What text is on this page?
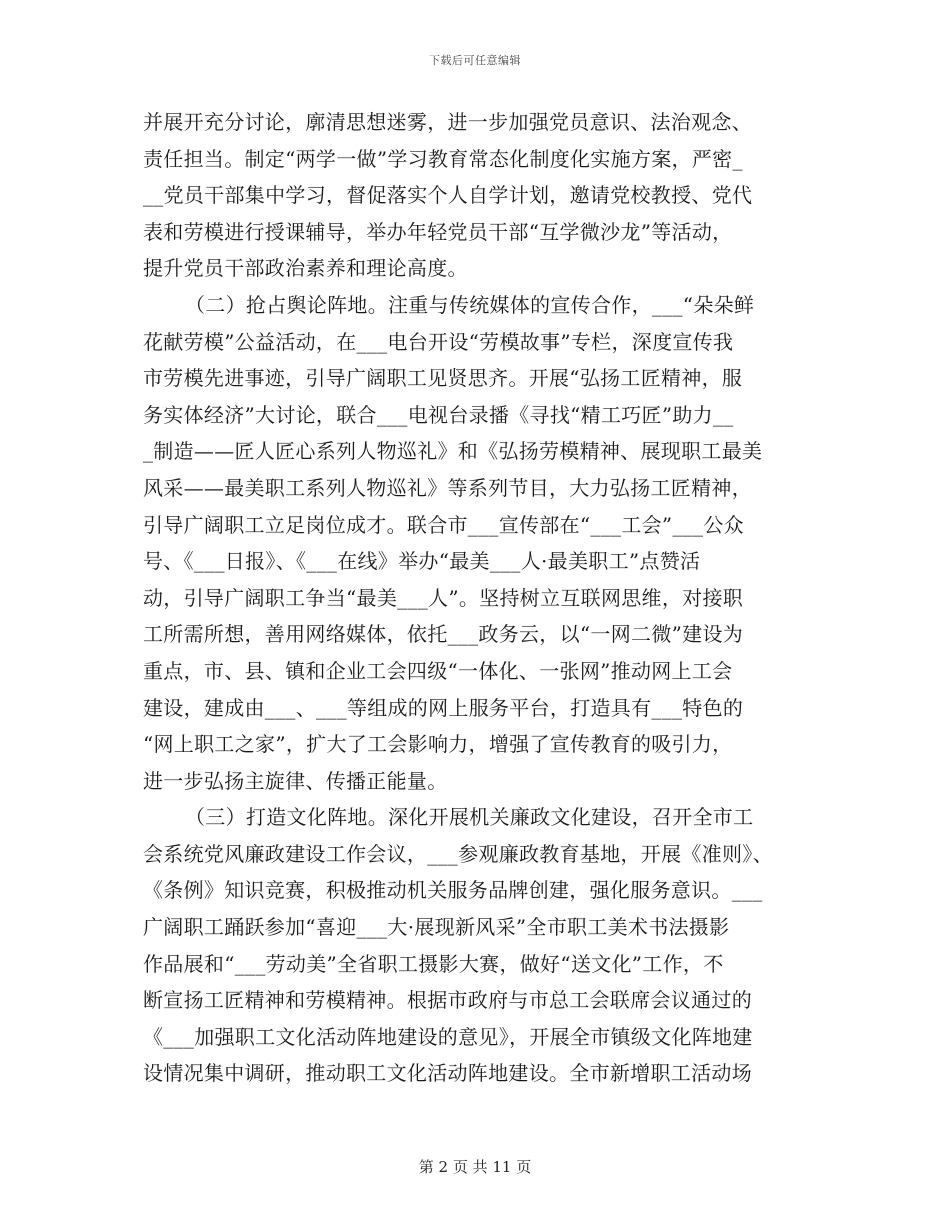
下载后可任意编辑
并展开充分讨论，廓清思想迷雾，进一步加强党员意识、法治观念、
责任担当。制定“两学一做”学习教育常态化制度化实施方案，严密_
__党员干部集中学习，督促落实个人自学计划，邀请党校教授、党代
表和劳模进行授课辅导，举办年轻党员干部“互学微沙龙”等活动，
提升党员干部政治素养和理论高度。
（二）抢占舆论阵地。注重与传统媒体的宣传合作，___“朵朵鲜
花献劳模”公益活动，在___电台开设“劳模故事”专栏，深度宣传我
市劳模先进事迹，引导广阔职工见贤思齐。开展“弘扬工匠精神，服
务实体经济”大讨论，联合___电视台录播《寻找“精工巧匠”助力__
_制造——匠人匠心系列人物巡礼》和《弘扬劳模精神、展现职工最美
风采——最美职工系列人物巡礼》等系列节目，大力弘扬工匠精神，
引导广阔职工立足岗位成才。联合市___宣传部在“___工会”___公众
号、《___日报》、《___在线》举办“最美___人·最美职工”点赞活
动，引导广阔职工争当“最美___人”。坚持树立互联网思维，对接职
工所需所想，善用网络媒体，依托___政务云，以“一网二微”建设为
重点，市、县、镇和企业工会四级“一体化、一张网”推动网上工会
建设，建成由___、___等组成的网上服务平台，打造具有___特色的
“网上职工之家”，扩大了工会影响力，增强了宣传教育的吸引力，
进一步弘扬主旋律、传播正能量。
（三）打造文化阵地。深化开展机关廉政文化建设，召开全市工
会系统党风廉政建设工作会议，___参观廉政教育基地，开展《准则》、
《条例》知识竞赛，积极推动机关服务品牌创建，强化服务意识。___
广阔职工踊跃参加“喜迎___大·展现新风采”全市职工美术书法摄影
作品展和“___劳动美”全省职工摄影大赛，做好“送文化”工作，不
断宣扬工匠精神和劳模精神。根据市政府与市总工会联席会议通过的
《___加强职工文化活动阵地建设的意见》，开展全市镇级文化阵地建
设情况集中调研，推动职工文化活动阵地建设。全市新增职工活动场
第 2 页 共 11 页
